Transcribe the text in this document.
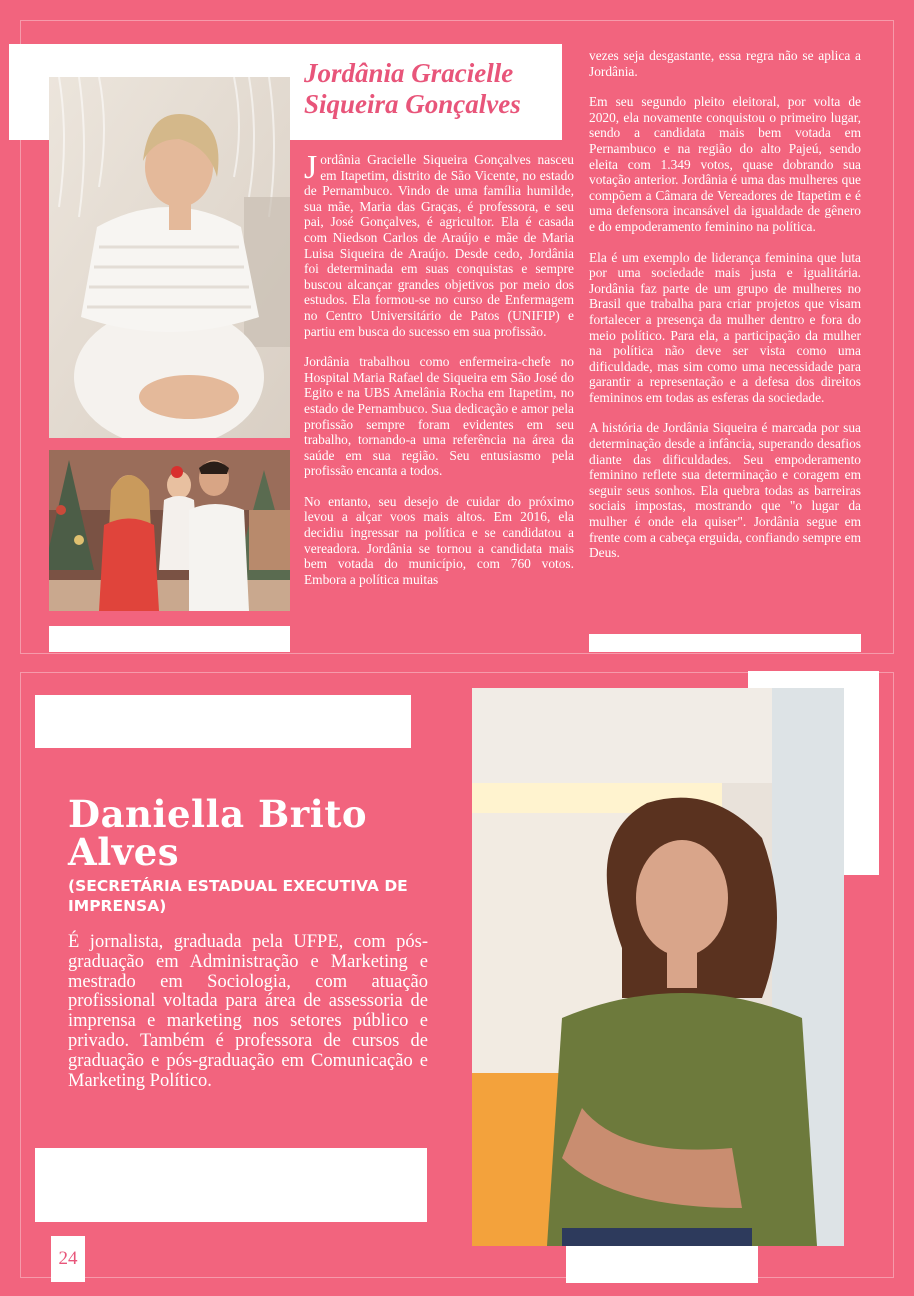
Jordânia Gracielle
Siqueira Gonçalves

Jordânia Gracielle Siqueira Gonçalves nasceu em Itapetim, distrito de São Vicente, no estado de Pernambuco. Vindo de uma família humilde, sua mãe, Maria das Graças, é professora, e seu pai, José Gonçalves, é agricultor. Ela é casada com Niedson Carlos de Araújo e mãe de Maria Luisa Siqueira de Araújo. Desde cedo, Jordânia foi determinada em suas conquistas e sempre buscou alcançar grandes objetivos por meio dos estudos. Ela formou-se no curso de Enfermagem no Centro Universitário de Patos (UNIFIP) e partiu em busca do sucesso em sua profissão.

Jordânia trabalhou como enfermeira-chefe no Hospital Maria Rafael de Siqueira em São José do Egito e na UBS Amelânia Rocha em Itapetim, no estado de Pernambuco. Sua dedicação e amor pela profissão sempre foram evidentes em seu trabalho, tornando-a uma referência na área da saúde em sua região. Seu entusiasmo pela profissão encanta a todos.

No entanto, seu desejo de cuidar do próximo levou a alçar voos mais altos. Em 2016, ela decidiu ingressar na política e se candidatou a vereadora. Jordânia se tornou a candidata mais bem votada do município, com 760 votos. Embora a política muitas

vezes seja desgastante, essa regra não se aplica a Jordânia.

Em seu segundo pleito eleitoral, por volta de 2020, ela novamente conquistou o primeiro lugar, sendo a candidata mais bem votada em Pernambuco e na região do alto Pajeú, sendo eleita com 1.349 votos, quase dobrando sua votação anterior. Jordânia é uma das mulheres que compõem a Câmara de Vereadores de Itapetim e é uma defensora incansável da igualdade de gênero e do empoderamento feminino na política.

Ela é um exemplo de liderança feminina que luta por uma sociedade mais justa e igualitária. Jordânia faz parte de um grupo de mulheres no Brasil que trabalha para criar projetos que visam fortalecer a presença da mulher dentro e fora do meio político. Para ela, a participação da mulher na política não deve ser vista como uma dificuldade, mas sim como uma necessidade para garantir a representação e a defesa dos direitos femininos em todas as esferas da sociedade.

A história de Jordânia Siqueira é marcada por sua determinação desde a infância, superando desafios diante das dificuldades. Seu empoderamento feminino reflete sua determinação e coragem em seguir seus sonhos. Ela quebra todas as barreiras sociais impostas, mostrando que "o lugar da mulher é onde ela quiser". Jordânia segue em frente com a cabeça erguida, confiando sempre em Deus.

Daniella Brito
Alves
(SECRETÁRIA ESTADUAL EXECUTIVA DE
IMPRENSA)
É jornalista, graduada pela UFPE, com pós-graduação em Administração e Marketing e mestrado em Sociologia, com atuação profissional voltada para área de assessoria de imprensa e marketing nos setores público e privado. Também é professora de cursos de graduação e pós-graduação em Comunicação e Marketing Político.
24
